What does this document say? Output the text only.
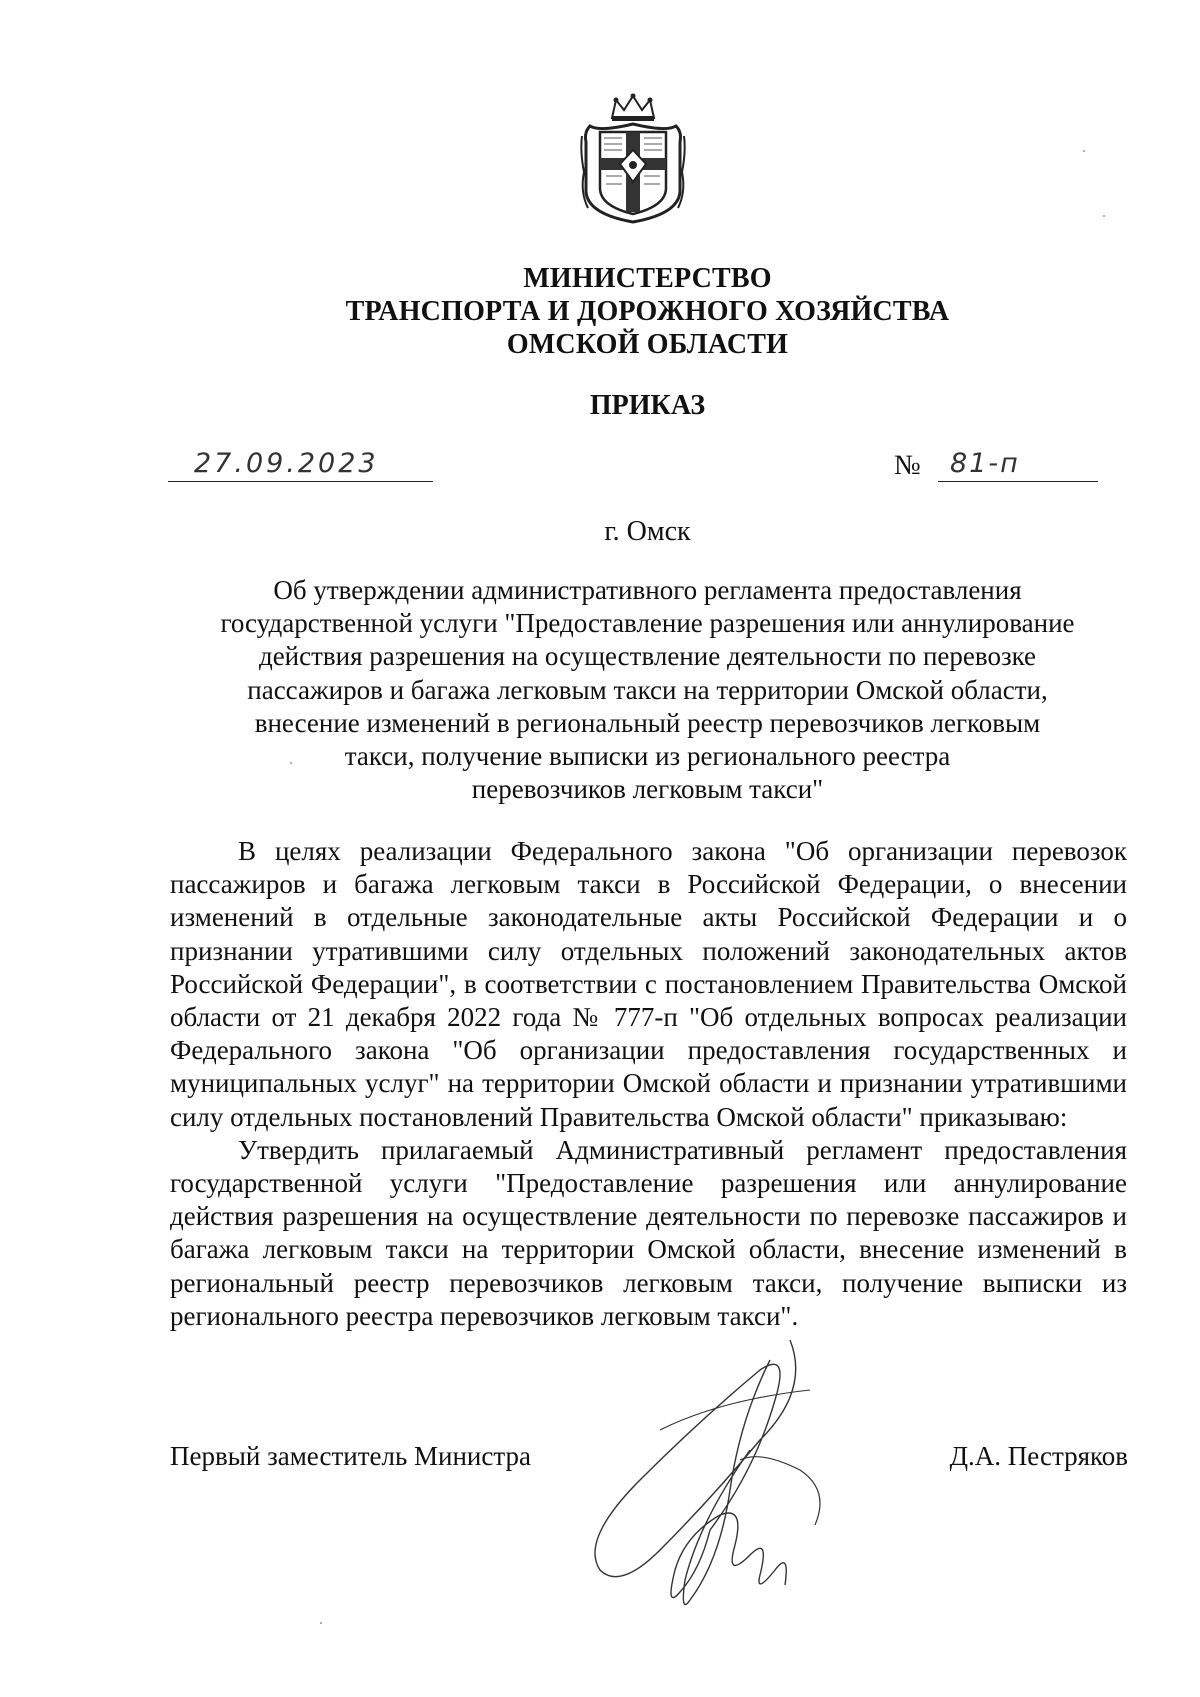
МИНИСТЕРСТВО
ТРАНСПОРТА И ДОРОЖНОГО ХОЗЯЙСТВА
ОМСКОЙ ОБЛАСТИ
ПРИКАЗ
27.09.2023	№ 81-п
г. Омск
Об утверждении административного регламента предоставления
государственной услуги "Предоставление разрешения или аннулирование
действия разрешения на осуществление деятельности по перевозке
пассажиров и багажа легковым такси на территории Омской области,
внесение изменений в региональный реестр перевозчиков легковым
такси, получение выписки из регионального реестра
перевозчиков легковым такси"

В целях реализации Федерального закона "Об организации перевозок пассажиров и багажа легковым такси в Российской Федерации, о внесении изменений в отдельные законодательные акты Российской Федерации и о признании утратившими силу отдельных положений законодательных актов Российской Федерации", в соответствии с постановлением Правительства Омской области от 21 декабря 2022 года № 777-п "Об отдельных вопросах реализации Федерального закона "Об организации предоставления государственных и муниципальных услуг" на территории Омской области и признании утратившими силу отдельных постановлений Правительства Омской области" приказываю:

Утвердить прилагаемый Административный регламент предоставления государственной услуги "Предоставление разрешения или аннулирование действия разрешения на осуществление деятельности по перевозке пассажиров и багажа легковым такси на территории Омской области, внесение изменений в региональный реестр перевозчиков легковым такси, получение выписки из регионального реестра перевозчиков легковым такси".

Первый заместитель Министра	Д.А. Пестряков
